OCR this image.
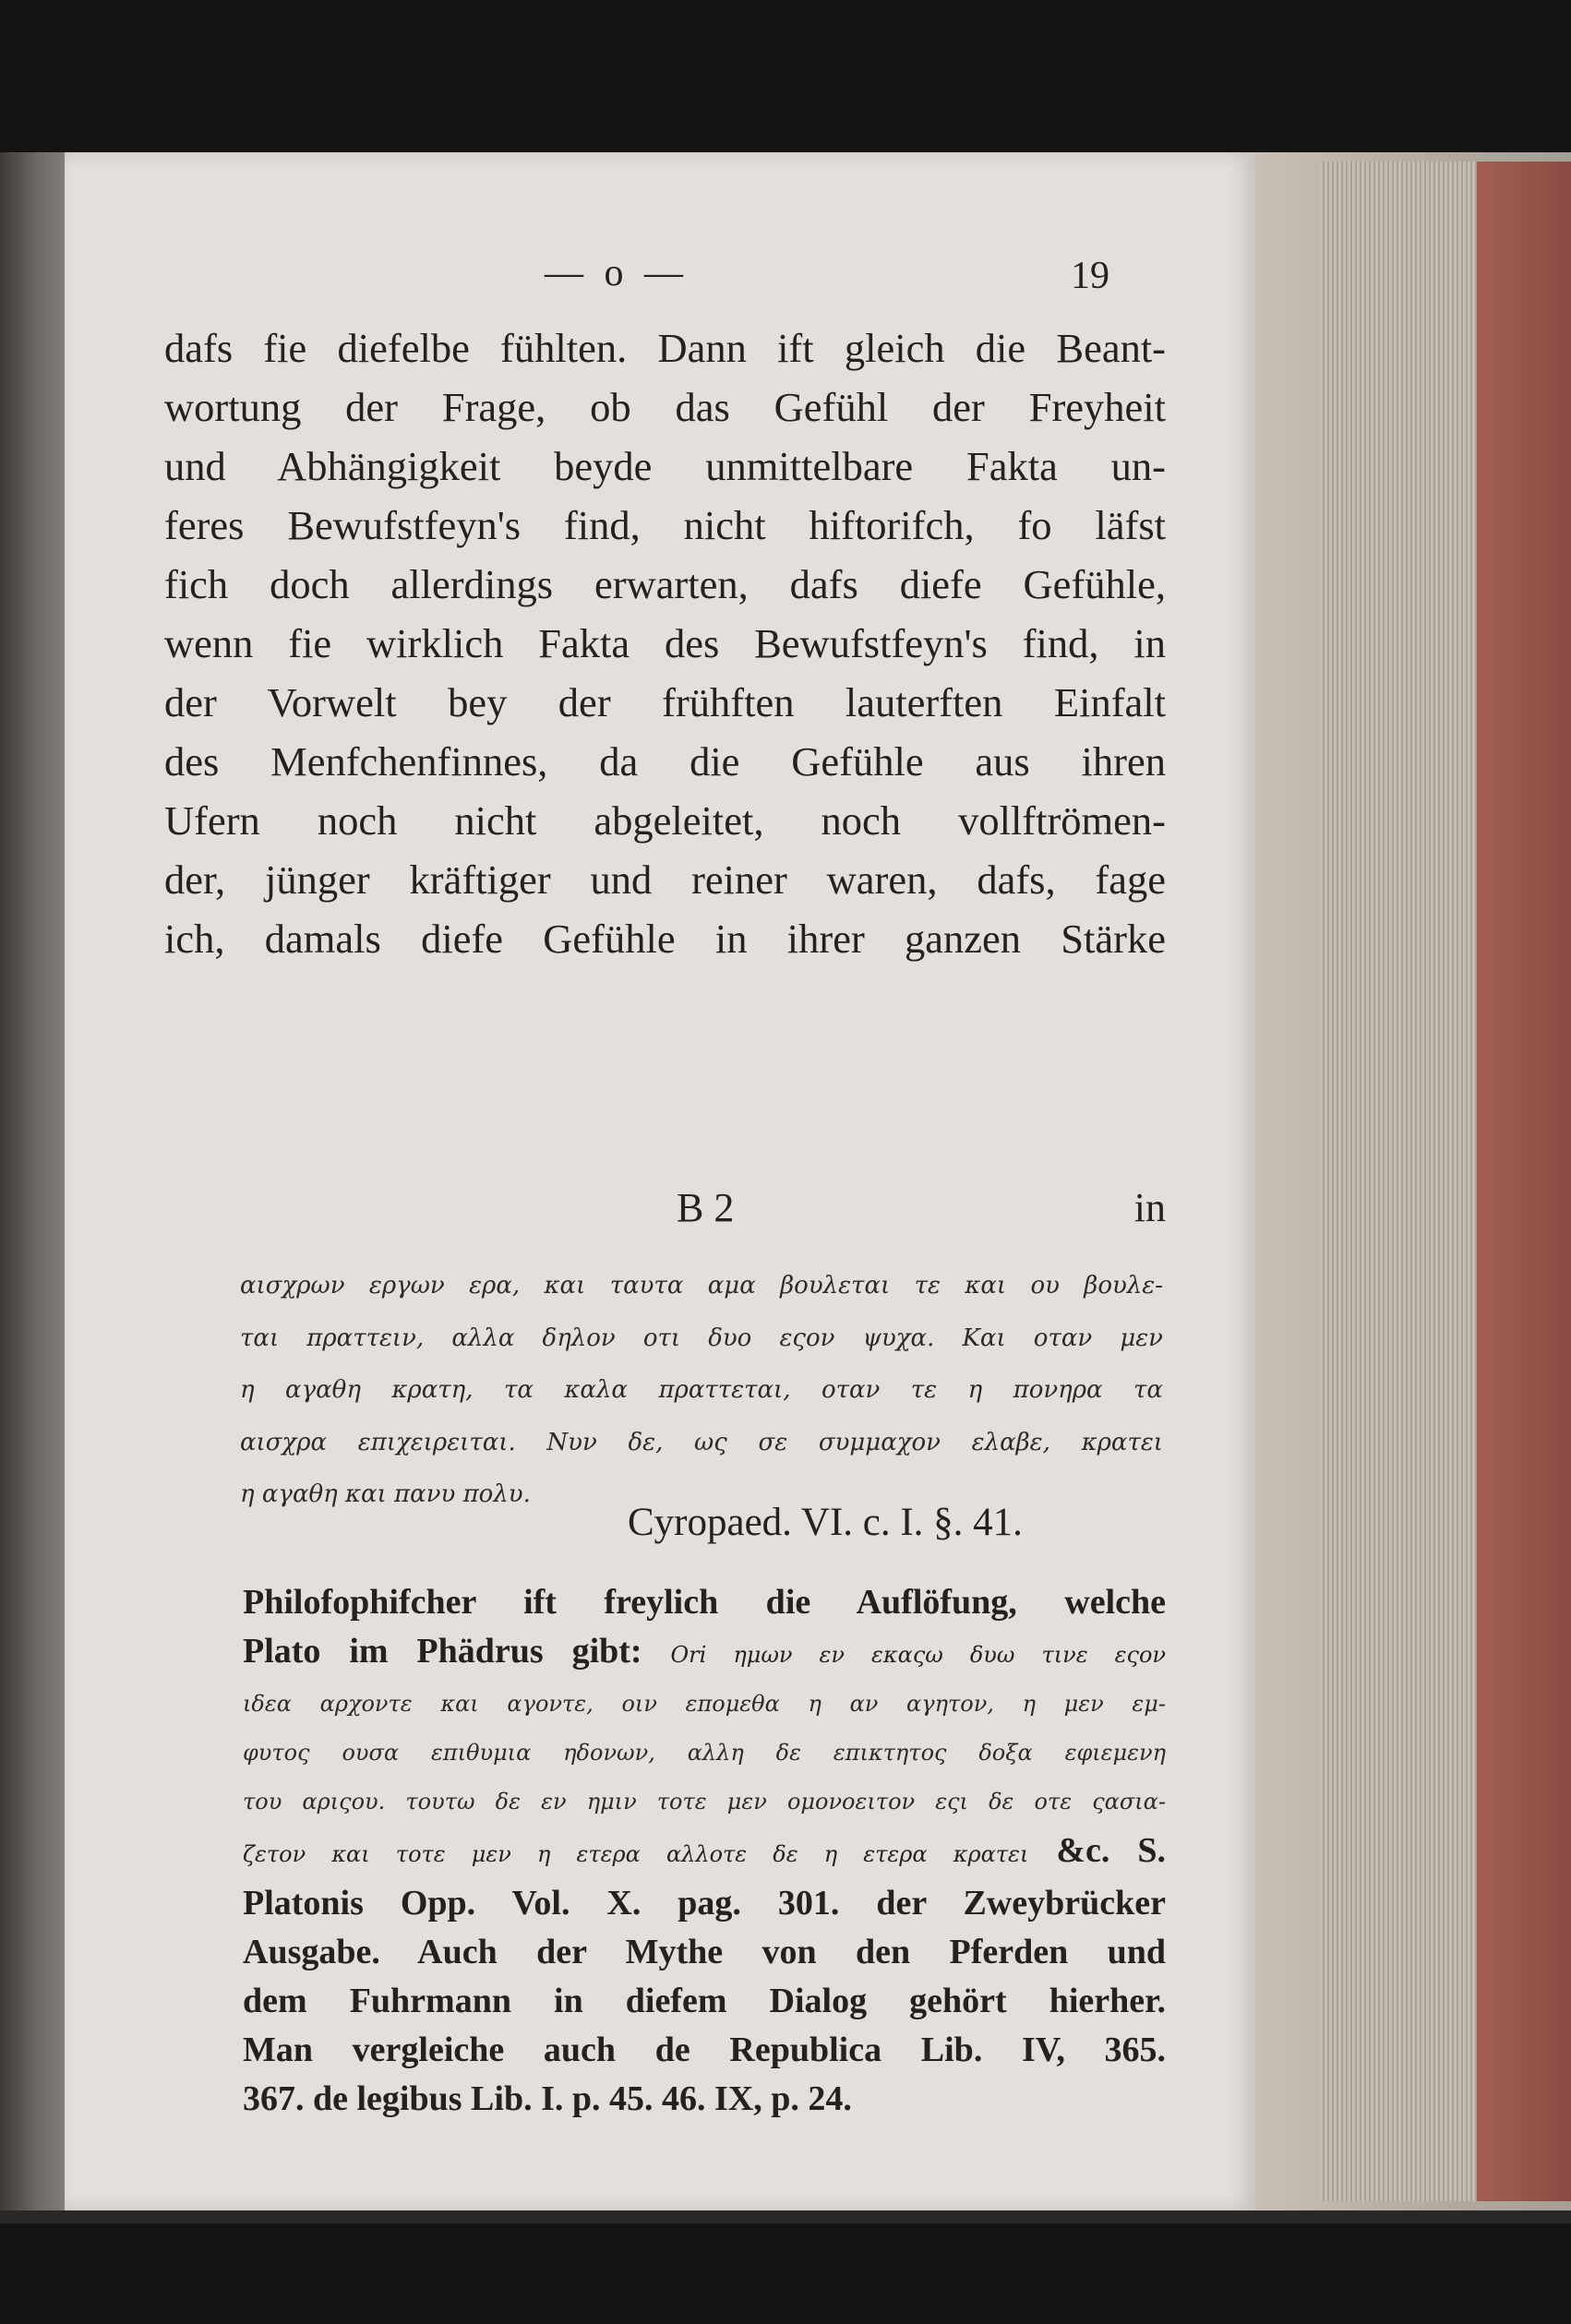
— o —	19
dafs fie diefelbe fühlten. Dann ift gleich die Beant-
wortung der Frage, ob das Gefühl der Freyheit
und Abhängigkeit beyde unmittelbare Fakta un-
feres Bewufstfeyn's find, nicht hiftorifch, fo läfst
fich doch allerdings erwarten, dafs diefe Gefühle,
wenn fie wirklich Fakta des Bewufstfeyn's find, in
der Vorwelt bey der frühften lauterften Einfalt
des Menfchenfinnes, da die Gefühle aus ihren
Ufern noch nicht abgeleitet, noch vollftrömen-
der, jünger kräftiger und reiner waren, dafs, fage
ich, damals diefe Gefühle in ihrer ganzen Stärke
B 2	in
αισχρων εργων ερα, και ταυτα αμα βουλεται τε και ου βουλε-
ται πραττειν, αλλα δηλον οτι δυο εςον ψυχα. Και οταν μεν
η αγαθη κρατη, τα καλα πραττεται, οταν τε η πονηρα τα
αισχρα επιχειρειται. Νυν δε, ως σε συμμαχον ελαβε, κρατει
η αγαθη και πανυ πολυ.
Cyropaed. VI. c. I. §. 41.
Philofophifcher ift freylich die Auflöfung, welche
Plato im Phädrus gibt: Ori ημων εν εκαςω δυω τινε εςον
ιδεα αρχοντε και αγοντε, οιν επομεθα η αν αγητον, η μεν εμ-
φυτος ουσα επιθυμια ηδονων, αλλη δε επικτητος δοξα εφιεμενη
του αριςου. τουτω δε εν ημιν τοτε μεν ομονοειτον εςι δε οτε ςασια-
ζετον και τοτε μεν η ετερα αλλοτε δε η ετερα κρατει &c. S.
Platonis Opp. Vol. X. pag. 301. der Zweybrücker
Ausgabe. Auch der Mythe von den Pferden und
dem Fuhrmann in diefem Dialog gehört hierher.
Man vergleiche auch de Republica Lib. IV, 365.
367. de legibus Lib. I. p. 45. 46. IX, p. 24.
